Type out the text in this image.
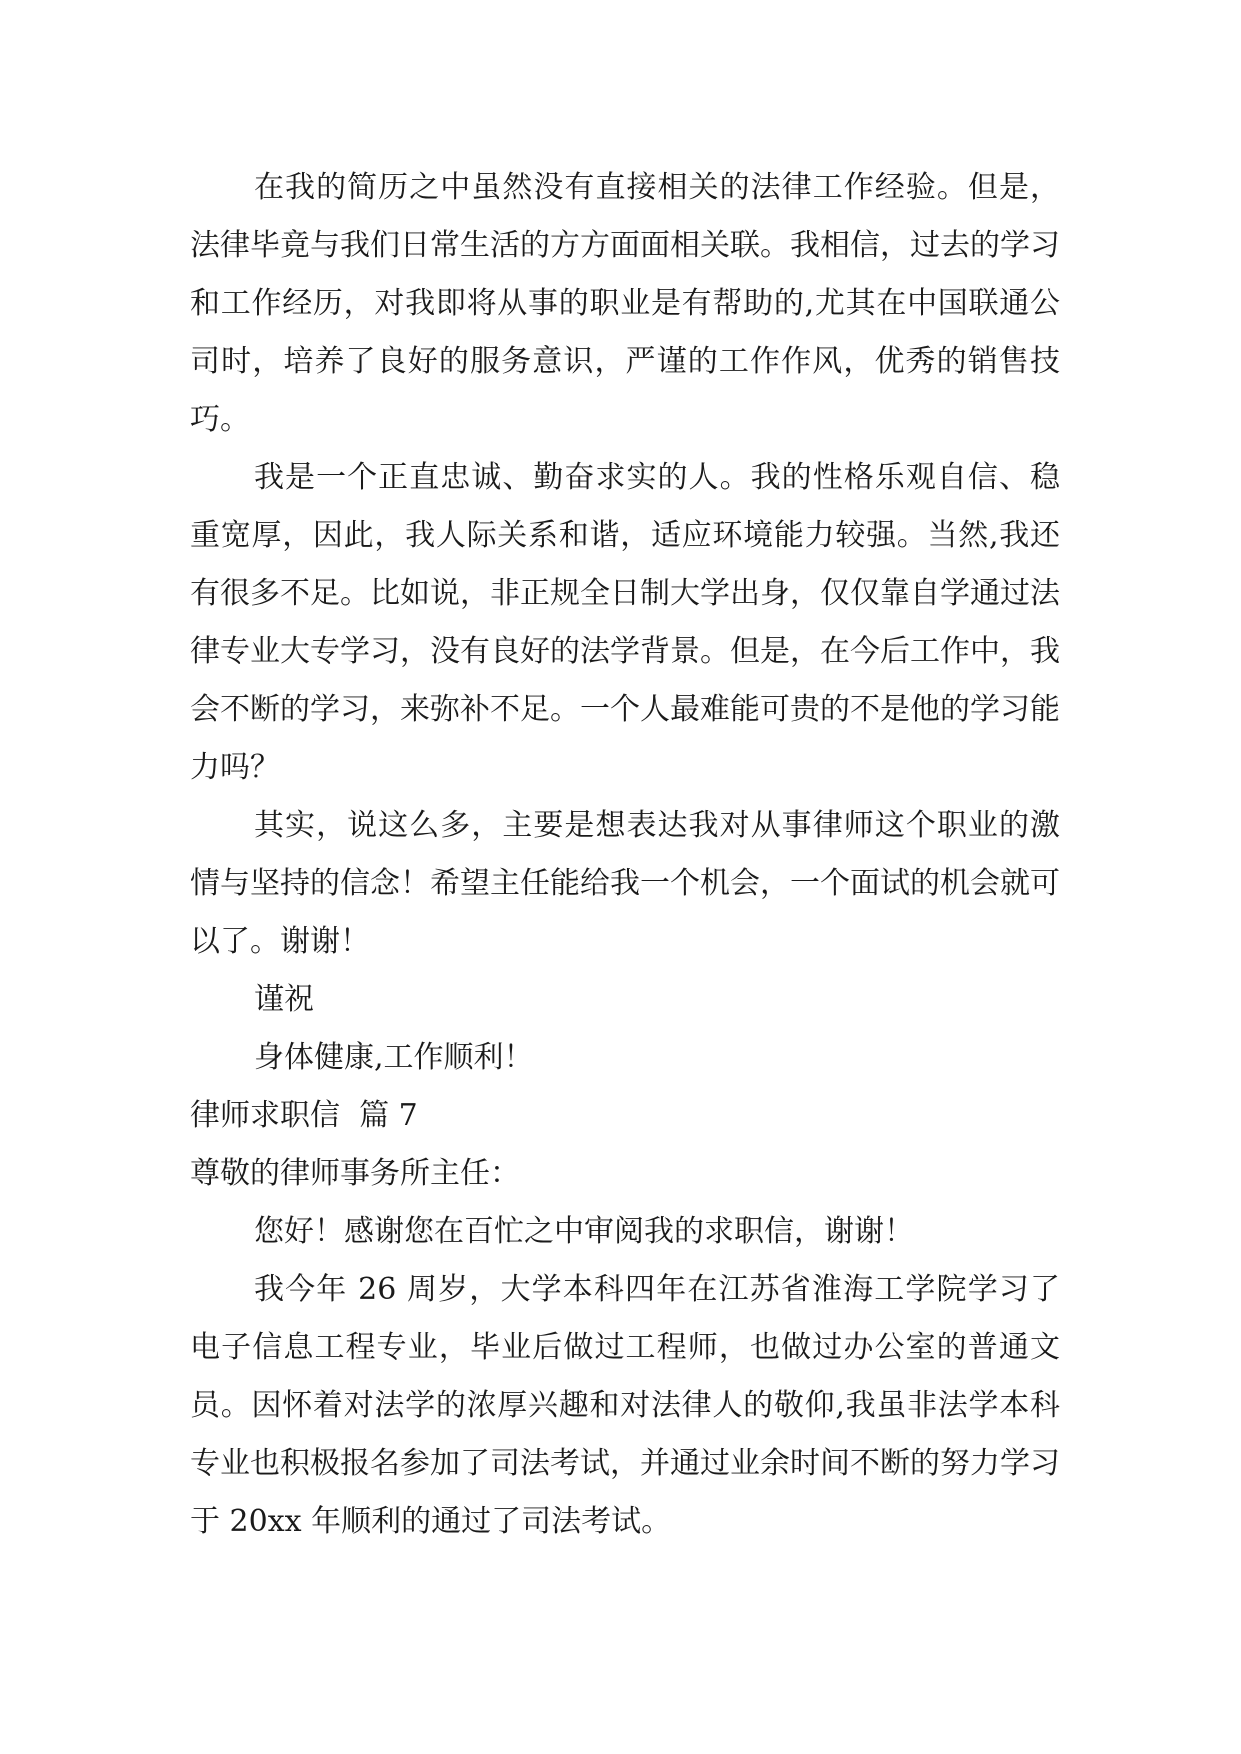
在我的简历之中虽然没有直接相关的法律工作经验。但是，法律毕竟与我们日常生活的方方面面相关联。我相信，过去的学习和工作经历，对我即将从事的职业是有帮助的,尤其在中国联通公司时，培养了良好的服务意识，严谨的工作作风，优秀的销售技巧。

我是一个正直忠诚、勤奋求实的人。我的性格乐观自信、稳重宽厚，因此，我人际关系和谐，适应环境能力较强。当然,我还有很多不足。比如说，非正规全日制大学出身，仅仅靠自学通过法律专业大专学习，没有良好的法学背景。但是，在今后工作中，我会不断的学习，来弥补不足。一个人最难能可贵的不是他的学习能力吗？

其实，说这么多，主要是想表达我对从事律师这个职业的激情与坚持的信念！希望主任能给我一个机会，一个面试的机会就可以了。谢谢！

谨祝

身体健康,工作顺利！

律师求职信  篇 7

尊敬的律师事务所主任：

您好！感谢您在百忙之中审阅我的求职信，谢谢！

我今年 26 周岁，大学本科四年在江苏省淮海工学院学习了电子信息工程专业，毕业后做过工程师，也做过办公室的普通文员。因怀着对法学的浓厚兴趣和对法律人的敬仰,我虽非法学本科专业也积极报名参加了司法考试，并通过业余时间不断的努力学习于 20xx 年顺利的通过了司法考试。
